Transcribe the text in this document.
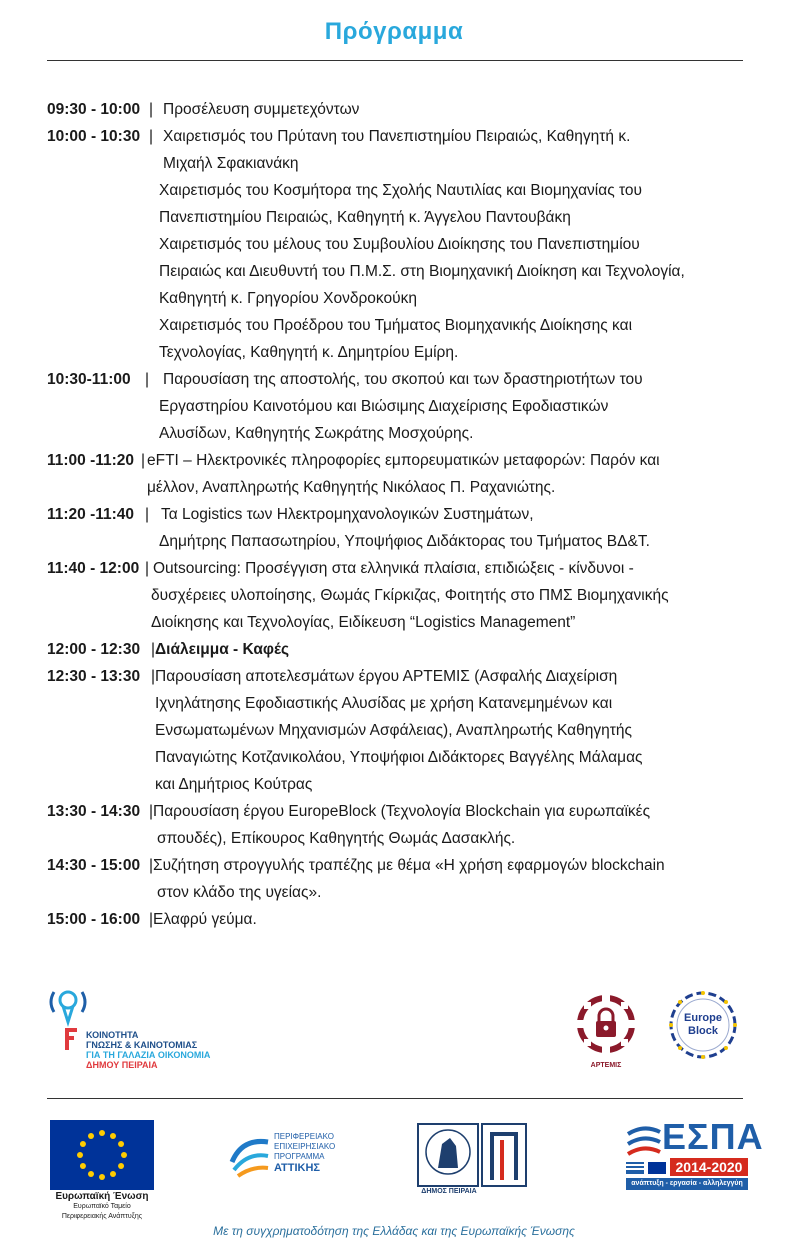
Πρόγραμμα
09:30 - 10:00 | Προσέλευση συμμετεχόντων
10:00 - 10:30 | Χαιρετισμός του Πρύτανη του Πανεπιστημίου Πειραιώς, Καθηγητή κ.
Μιχαήλ Σφακιανάκη
Χαιρετισμός του Κοσμήτορα της Σχολής Ναυτιλίας και Βιομηχανίας του
Πανεπιστημίου Πειραιώς, Καθηγητή κ. Άγγελου Παντουβάκη
Χαιρετισμός του μέλους του Συμβουλίου Διοίκησης του Πανεπιστημίου
Πειραιώς και Διευθυντή του Π.Μ.Σ. στη Βιομηχανική Διοίκηση και Τεχνολογία,
Καθηγητή κ. Γρηγορίου Χονδροκούκη
Χαιρετισμός του Προέδρου του Τμήματος Βιομηχανικής Διοίκησης και
Τεχνολογίας, Καθηγητή κ. Δημητρίου Εμίρη.
10:30-11:00 | Παρουσίαση της αποστολής, του σκοπού και των δραστηριοτήτων του
Εργαστηρίου Καινοτόμου και Βιώσιμης Διαχείρισης Εφοδιαστικών
Αλυσίδων, Καθηγητής Σωκράτης Μοσχούρης.
11:00 -11:20 | eFTI – Ηλεκτρονικές πληροφορίες εμπορευματικών μεταφορών: Παρόν και
μέλλον, Αναπληρωτής Καθηγητής Νικόλαος Π. Ραχανιώτης.
11:20 -11:40 | Τα Logistics των Ηλεκτρομηχανολογικών Συστημάτων,
Δημήτρης Παπασωτηρίου, Υποψήφιος Διδάκτορας του Τμήματος ΒΔ&Τ.
11:40 - 12:00 | Outsourcing: Προσέγγιση στα ελληνικά πλαίσια, επιδιώξεις - κίνδυνοι -
δυσχέρειες υλοποίησης, Θωμάς Γκίρκιζας, Φοιτητής στο ΠΜΣ Βιομηχανικής
Διοίκησης και Τεχνολογίας, Ειδίκευση “Logistics Management”
12:00 - 12:30 | Διάλειμμα - Καφές
12:30 - 13:30 | Παρουσίαση αποτελεσμάτων έργου ΑΡΤΕΜΙΣ (Ασφαλής Διαχείριση
Ιχνηλάτησης Εφοδιαστικής Αλυσίδας με χρήση Κατανεμημένων και
Ενσωματωμένων Μηχανισμών Ασφάλειας), Αναπληρωτής Καθηγητής
Παναγιώτης Κοτζανικολάου, Υποψήφιοι Διδάκτορες Βαγγέλης Μάλαμας
και Δημήτριος Κούτρας
13:30 - 14:30 | Παρουσίαση έργου EuropeBlock (Τεχνολογία Blockchain για ευρωπαϊκές
σπουδές), Επίκουρος Καθηγητής Θωμάς Δασακλής.
14:30 - 15:00 | Συζήτηση στρογγυλής τραπέζης με θέμα «Η χρήση εφαρμογών blockchain
στον κλάδο της υγείας».
15:00 - 16:00 | Ελαφρύ γεύμα.
ΚΟΙΝΟΤΗΤΑ
ΓΝΩΣΗΣ & ΚΑΙΝΟΤΟΜΙΑΣ
ΓΙΑ ΤΗ ΓΑΛΑΖΙΑ ΟΙΚΟΝΟΜΙΑ
ΔΗΜΟΥ ΠΕΙΡΑΙΑ	ΑΡΤΕΜΙΣ
Europe
Block
Ευρωπαϊκή Ένωση
Ευρωπαϊκό Ταμείο
Περιφερειακής Ανάπτυξης
ΠΕΡΙΦΕΡΕΙΑΚΟ
ΕΠΙΧΕΙΡΗΣΙΑΚΟ
ΠΡΟΓΡΑΜΜΑ
ΑΤΤΙΚΗΣ
ΔΗΜΟΣ ΠΕΙΡΑΙΑ
ΕΣΠΑ
2014-2020
ανάπτυξη - εργασία - αλληλεγγύη
Με τη συγχρηματοδότηση της Ελλάδας και της Ευρωπαϊκής Ένωσης
